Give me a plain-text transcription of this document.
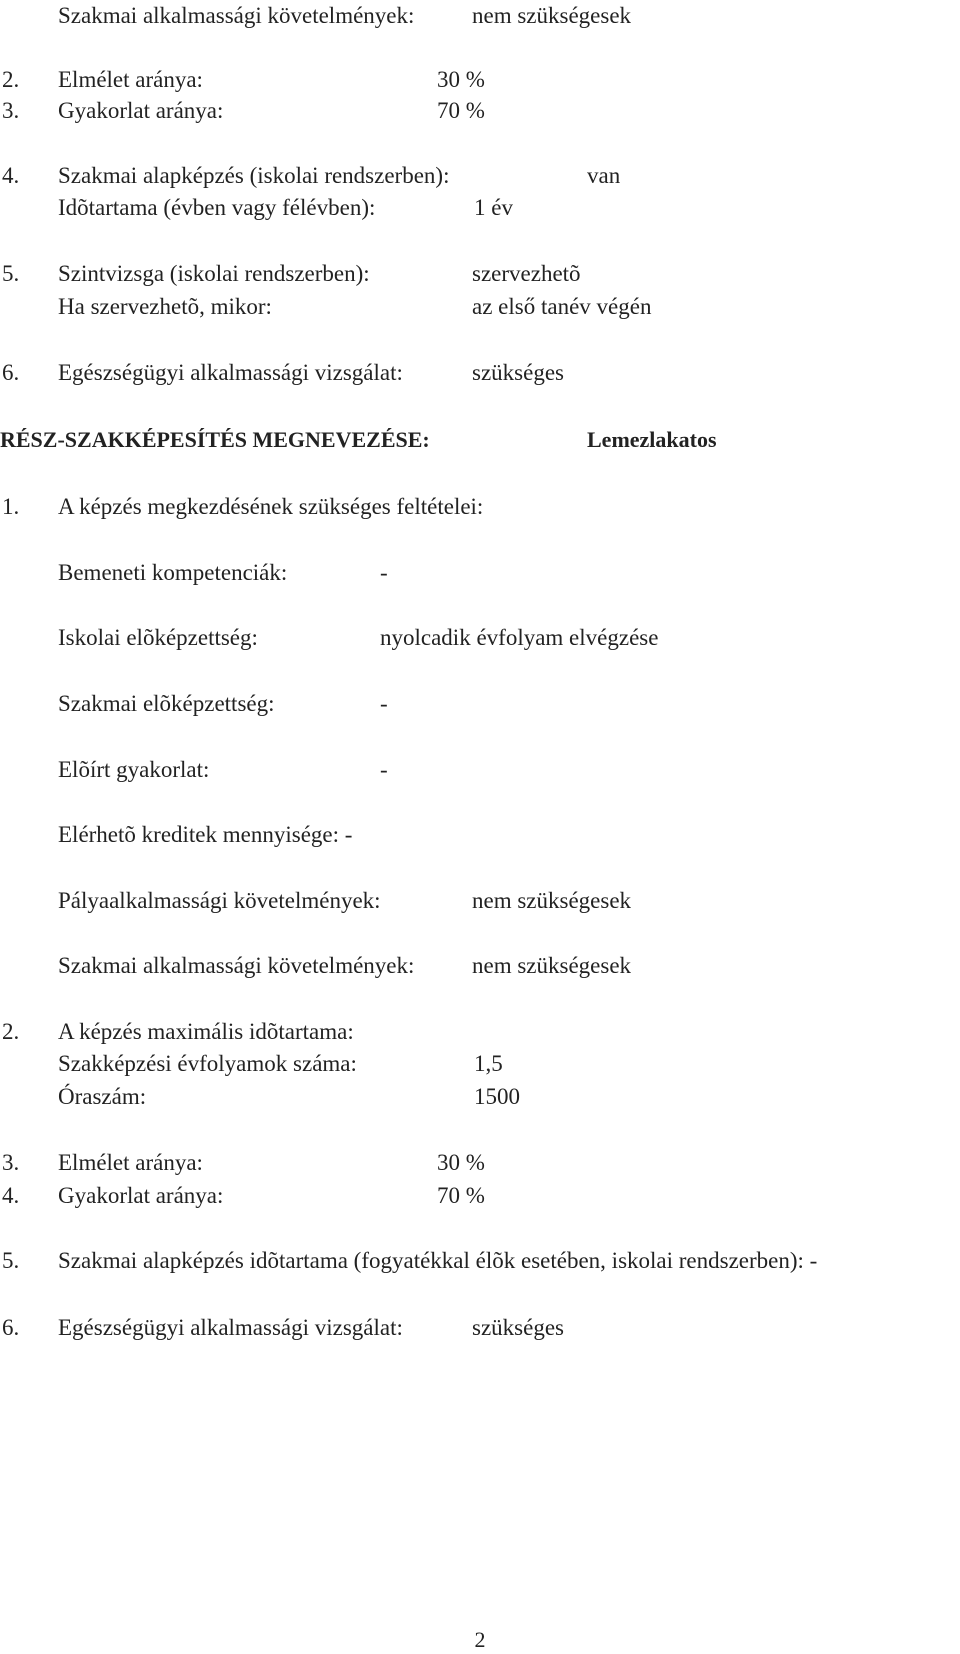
Szakmai alkalmassági követelmények:	nem szükségesek
2. Elmélet aránya:	30 %
3. Gyakorlat aránya:	70 %
4. Szakmai alapképzés (iskolai rendszerben):	van
Idõtartama (évben vagy félévben):	1 év
5. Szintvizsga (iskolai rendszerben):	szervezhetõ
Ha szervezhetõ, mikor:	az első tanév végén
6. Egészségügyi alkalmassági vizsgálat:	szükséges
RÉSZ-SZAKKÉPESÍTÉS MEGNEVEZÉSE:	Lemezlakatos
1. A képzés megkezdésének szükséges feltételei:
Bemeneti kompetenciák:	-
Iskolai elõképzettség:	nyolcadik évfolyam elvégzése
Szakmai elõképzettség:	-
Elõírt gyakorlat:	-
Elérhetõ kreditek mennyisége: -
Pályaalkalmassági követelmények:	nem szükségesek
Szakmai alkalmassági követelmények:	nem szükségesek
2. A képzés maximális idõtartama:
Szakképzési évfolyamok száma:	1,5
Óraszám:	1500
3. Elmélet aránya:	30 %
4. Gyakorlat aránya:	70 %
5. Szakmai alapképzés idõtartama (fogyatékkal élõk esetében, iskolai rendszerben): -
6. Egészségügyi alkalmassági vizsgálat:	szükséges
2
